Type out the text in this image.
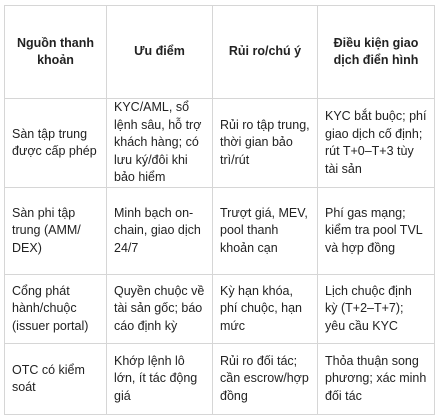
Nguồn thanh khoản	Ưu điểm	Rủi ro/chú ý	Điều kiện giao dịch điển hình
Sàn tập trung được cấp phép	KYC/AML, sổ lệnh sâu, hỗ trợ khách hàng; có lưu ký/đôi khi bảo hiểm	Rủi ro tập trung, thời gian bảo trì/rút	KYC bắt buộc; phí giao dịch cố định; rút T+0–T+3 tùy tài sản
Sàn phi tập trung (AMM/ DEX)	Minh bạch on-chain, giao dịch 24/7	Trượt giá, MEV, pool thanh khoản cạn	Phí gas mạng; kiểm tra pool TVL và hợp đồng
Cổng phát hành/chuộc (issuer portal)	Quyền chuộc về tài sản gốc; báo cáo định kỳ	Kỳ hạn khóa, phí chuộc, hạn mức	Lịch chuộc định kỳ (T+2–T+7); yêu cầu KYC
OTC có kiểm soát	Khớp lệnh lô lớn, ít tác động giá	Rủi ro đối tác; cần escrow/hợp đồng	Thỏa thuận song phương; xác minh đối tác
